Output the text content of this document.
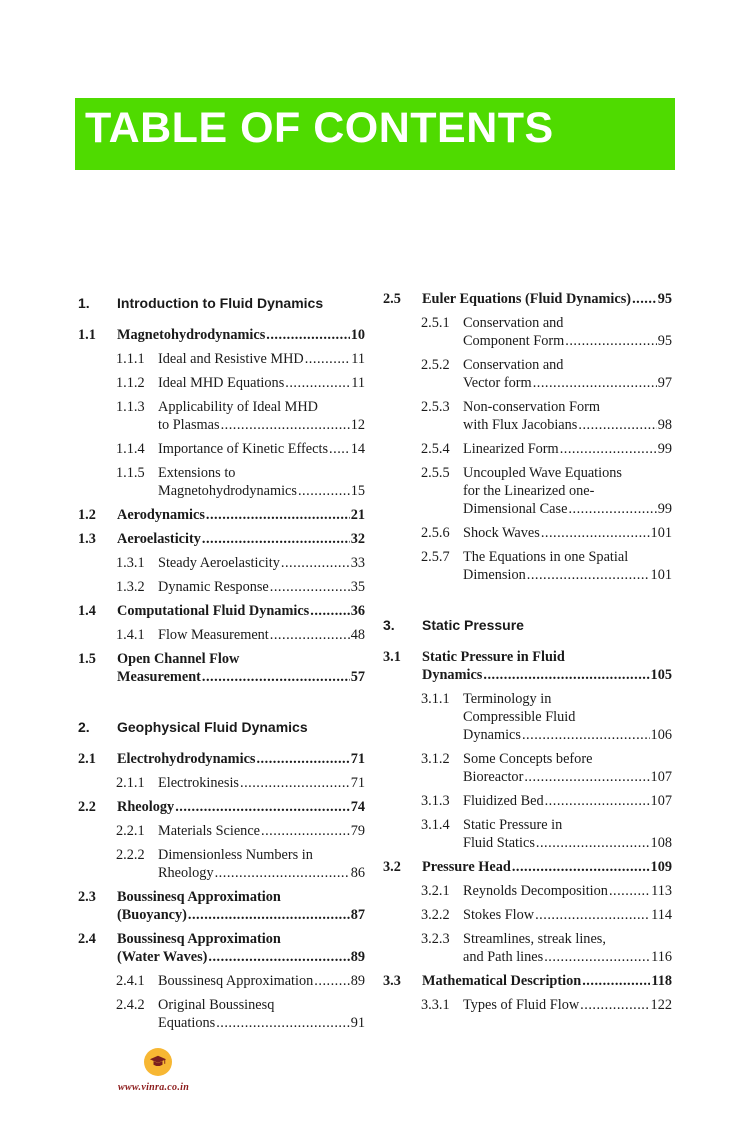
TABLE OF CONTENTS
1. Introduction to Fluid Dynamics
1.1 Magnetohydrodynamics .....	10
1.1.1 Ideal and Resistive MHD .....	11
1.1.2 Ideal MHD Equations .....	11
1.1.3 Applicability of Ideal MHD
to Plasmas .....	12
1.1.4 Importance of Kinetic Effects ..... 14
1.1.5 Extensions to
Magnetohydrodynamics .....	15
1.2 Aerodynamics .....	21
1.3 Aeroelasticity .....	32
1.3.1 Steady Aeroelasticity .....	33
1.3.2 Dynamic Response .....	35
1.4 Computational Fluid Dynamics .....	36
1.4.1 Flow Measurement .....	48
1.5 Open Channel Flow
Measurement .....	57
2. Geophysical Fluid Dynamics
2.1 Electrohydrodynamics .....	71
2.1.1 Electrokinesis .....	71
2.2 Rheology .....	74
2.2.1 Materials Science .....	79
2.2.2 Dimensionless Numbers in
Rheology .....	86
2.3 Boussinesq Approximation
(Buoyancy) .....	87
2.4 Boussinesq Approximation
(Water Waves) .....	89
2.4.1 Boussinesq Approximation .....	89
2.4.2 Original Boussinesq
Equations .....	91
2.5 Euler Equations (Fluid Dynamics) ..... 95
2.5.1 Conservation and
Component Form .....	95
2.5.2 Conservation and
Vector form .....	97
2.5.3 Non-conservation Form
with Flux Jacobians .....	98
2.5.4 Linearized Form .....	99
2.5.5 Uncoupled Wave Equations
for the Linearized one-
Dimensional Case .....	99
2.5.6 Shock Waves .....	101
2.5.7 The Equations in one Spatial
Dimension .....	101
3. Static Pressure
3.1 Static Pressure in Fluid
Dynamics .....	105
3.1.1 Terminology in
Compressible Fluid
Dynamics .....	106
3.1.2 Some Concepts before
Bioreactor .....	107
3.1.3 Fluidized Bed .....	107
3.1.4 Static Pressure in
Fluid Statics .....	108
3.2 Pressure Head .....	109
3.2.1 Reynolds Decomposition .....	113
3.2.2 Stokes Flow .....	114
3.2.3 Streamlines, streak lines,
and Path lines .....	116
3.3 Mathematical Description .....	118
3.3.1 Types of Fluid Flow .....	122
www.vinra.co.in
